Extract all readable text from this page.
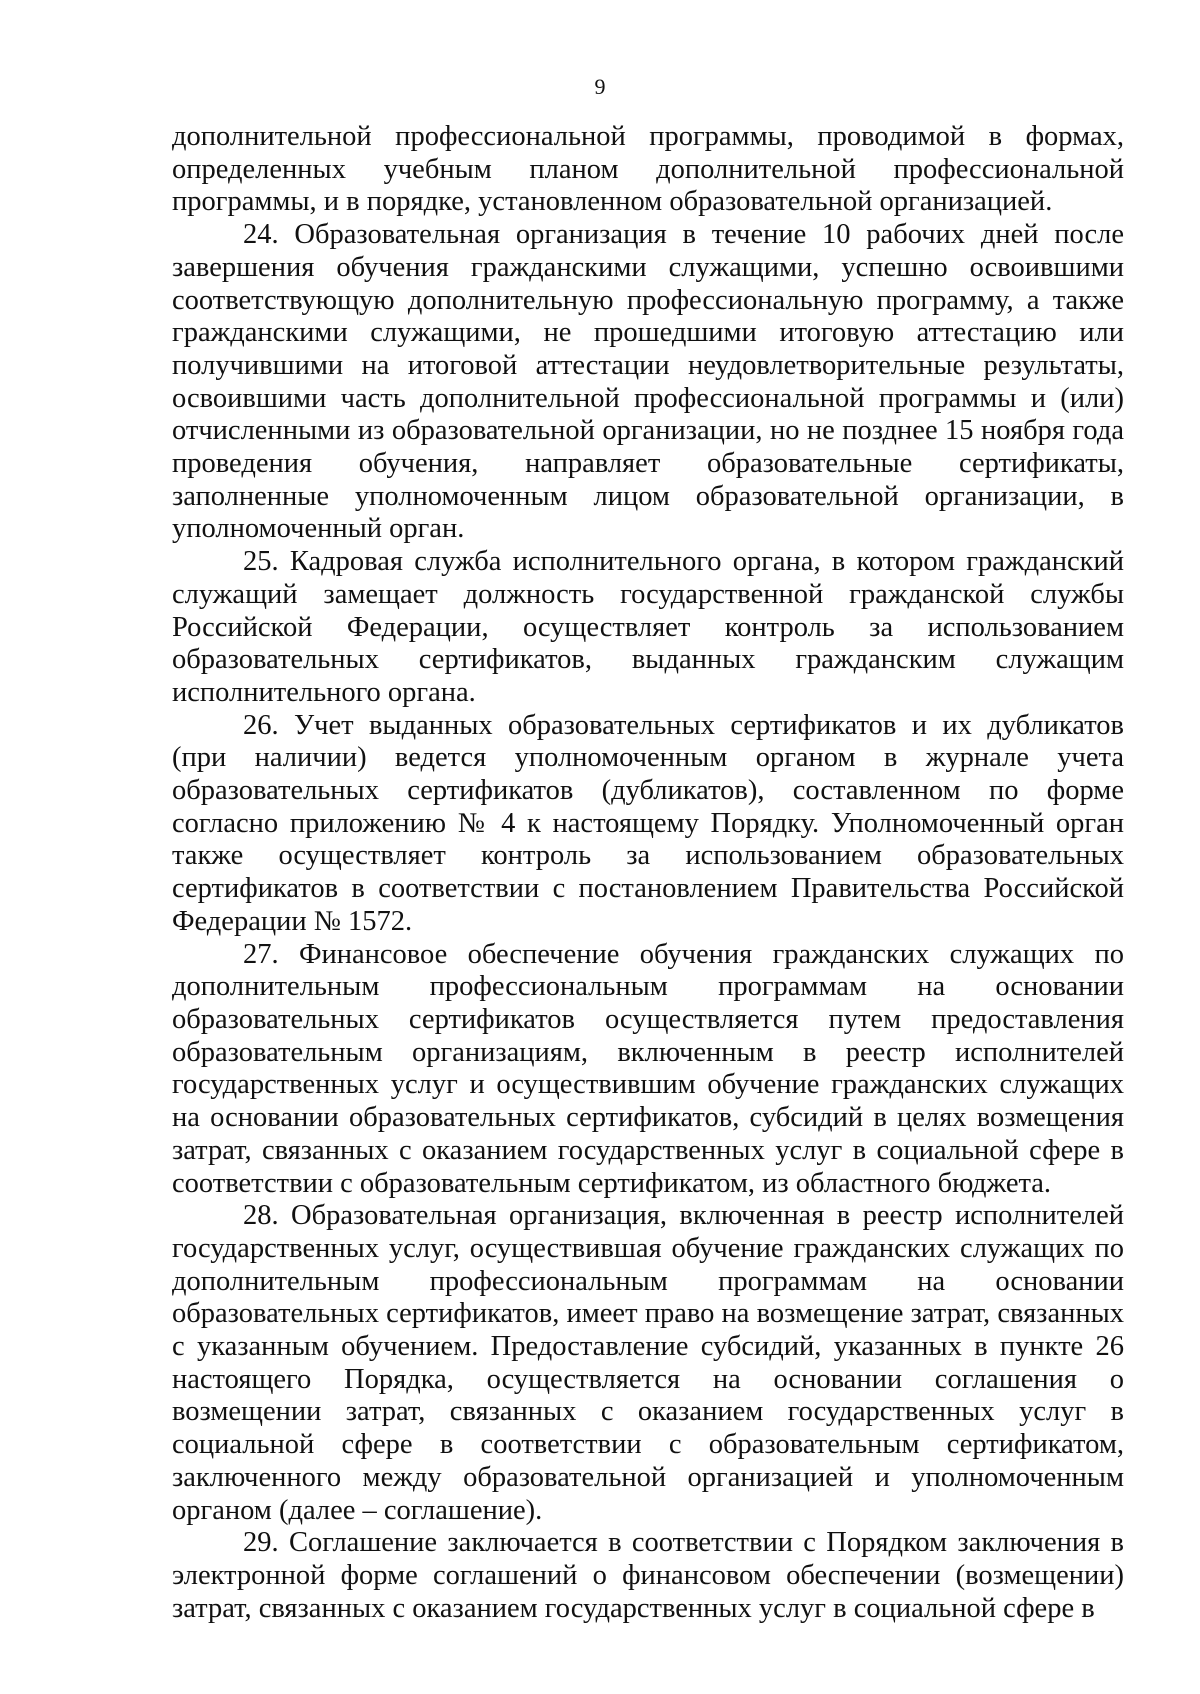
9

дополнительной профессиональной программы, проводимой в формах, определенных учебным планом дополнительной профессиональной программы, и в порядке, установленном образовательной организацией.

24. Образовательная организация в течение 10 рабочих дней после завершения обучения гражданскими служащими, успешно освоившими соответствующую дополнительную профессиональную программу, а также гражданскими служащими, не прошедшими итоговую аттестацию или получившими на итоговой аттестации неудовлетворительные результаты, освоившими часть дополнительной профессиональной программы и (или) отчисленными из образовательной организации, но не позднее 15 ноября года проведения обучения, направляет образовательные сертификаты, заполненные уполномоченным лицом образовательной организации, в уполномоченный орган.

25. Кадровая служба исполнительного органа, в котором гражданский служащий замещает должность государственной гражданской службы Российской Федерации, осуществляет контроль за использованием образовательных сертификатов, выданных гражданским служащим исполнительного органа.

26. Учет выданных образовательных сертификатов и их дубликатов (при наличии) ведется уполномоченным органом в журнале учета образовательных сертификатов (дубликатов), составленном по форме согласно приложению № 4 к настоящему Порядку. Уполномоченный орган также осуществляет контроль за использованием образовательных сертификатов в соответствии с постановлением Правительства Российской Федерации № 1572.

27. Финансовое обеспечение обучения гражданских служащих по дополнительным профессиональным программам на основании образовательных сертификатов осуществляется путем предоставления образовательным организациям, включенным в реестр исполнителей государственных услуг и осуществившим обучение гражданских служащих на основании образовательных сертификатов, субсидий в целях возмещения затрат, связанных с оказанием государственных услуг в социальной сфере в соответствии с образовательным сертификатом, из областного бюджета.

28. Образовательная организация, включенная в реестр исполнителей государственных услуг, осуществившая обучение гражданских служащих по дополнительным профессиональным программам на основании образовательных сертификатов, имеет право на возмещение затрат, связанных с указанным обучением. Предоставление субсидий, указанных в пункте 26 настоящего Порядка, осуществляется на основании соглашения о возмещении затрат, связанных с оказанием государственных услуг в социальной сфере в соответствии с образовательным сертификатом, заключенного между образовательной организацией и уполномоченным органом (далее – соглашение).

29. Соглашение заключается в соответствии с Порядком заключения в электронной форме соглашений о финансовом обеспечении (возмещении) затрат, связанных с оказанием государственных услуг в социальной сфере в
